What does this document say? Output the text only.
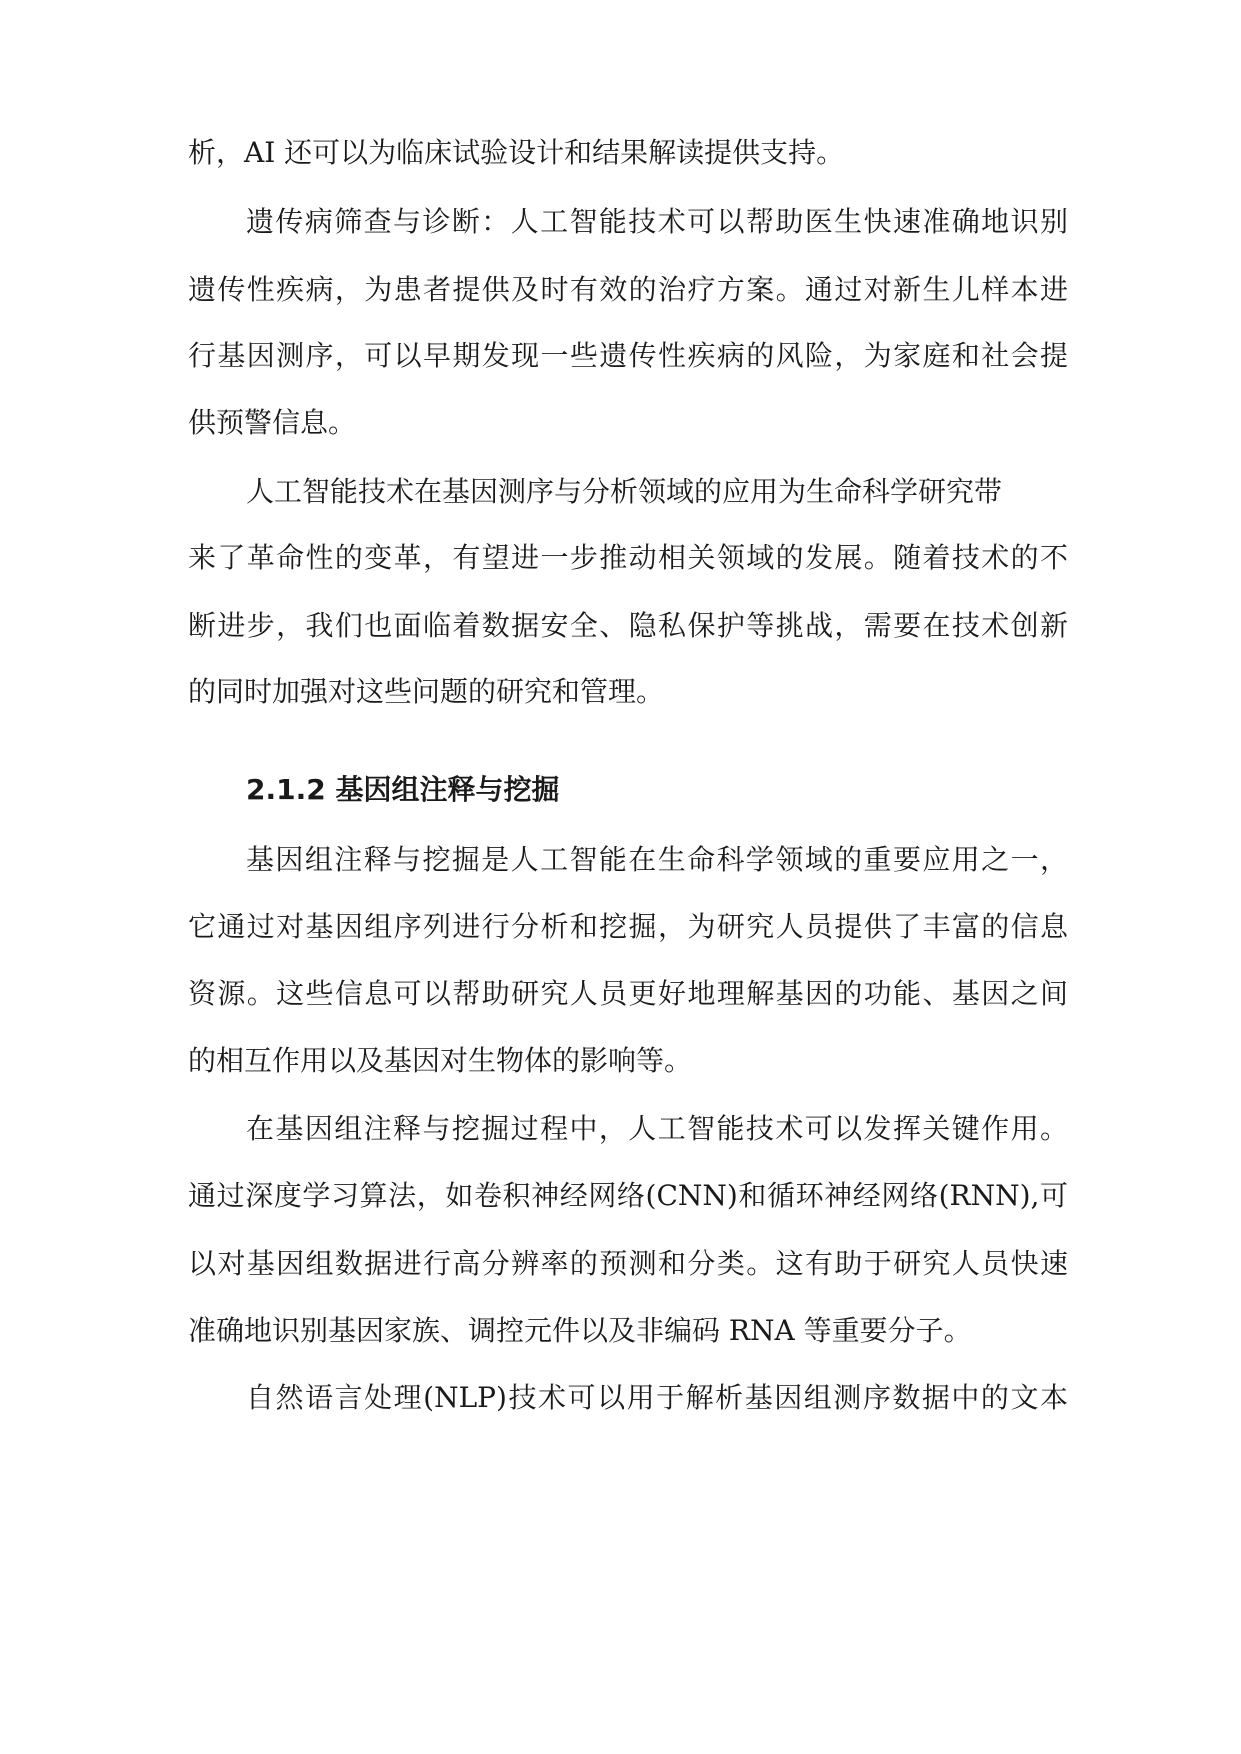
析，AI 还可以为临床试验设计和结果解读提供支持。
遗传病筛查与诊断：人工智能技术可以帮助医生快速准确地识别
遗传性疾病，为患者提供及时有效的治疗方案。通过对新生儿样本进
行基因测序，可以早期发现一些遗传性疾病的风险，为家庭和社会提
供预警信息。
人工智能技术在基因测序与分析领域的应用为生命科学研究带
来了革命性的变革，有望进一步推动相关领域的发展。随着技术的不
断进步，我们也面临着数据安全、隐私保护等挑战，需要在技术创新
的同时加强对这些问题的研究和管理。
2.1.2 基因组注释与挖掘
基因组注释与挖掘是人工智能在生命科学领域的重要应用之一，
它通过对基因组序列进行分析和挖掘，为研究人员提供了丰富的信息
资源。这些信息可以帮助研究人员更好地理解基因的功能、基因之间
的相互作用以及基因对生物体的影响等。
在基因组注释与挖掘过程中，人工智能技术可以发挥关键作用。
通过深度学习算法，如卷积神经网络(CNN)和循环神经网络(RNN),可
以对基因组数据进行高分辨率的预测和分类。这有助于研究人员快速
准确地识别基因家族、调控元件以及非编码 RNA 等重要分子。
自然语言处理(NLP)技术可以用于解析基因组测序数据中的文本
